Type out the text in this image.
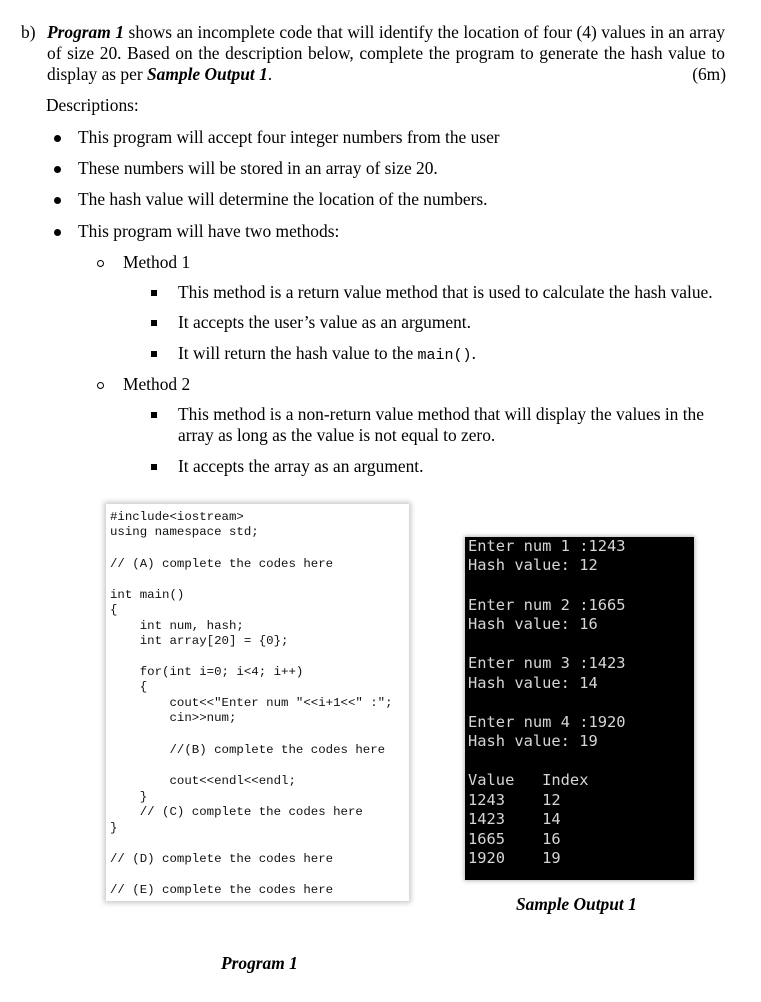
b) Program 1 shows an incomplete code that will identify the location of four (4) values in an array of size 20. Based on the description below, complete the program to generate the hash value to display as per Sample Output 1.	(6m)
Descriptions:
This program will accept four integer numbers from the user
These numbers will be stored in an array of size 20.
The hash value will determine the location of the numbers.
This program will have two methods:
Method 1
This method is a return value method that is used to calculate the hash value.
It accepts the user’s value as an argument.
It will return the hash value to the main().
Method 2
This method is a non-return value method that will display the values in the array as long as the value is not equal to zero.
It accepts the array as an argument.
#include<iostream>
using namespace std;
// (A) complete the codes here
int main()
{
int num, hash;
int array[20] = {0};
for(int i=0; i<4; i++)
{
cout<<"Enter num "<<i+1<<" :";
cin>>num;
//(B) complete the codes here
cout<<endl<<endl;
}
// (C) complete the codes here
}
// (D) complete the codes here
// (E) complete the codes here
Enter num 1 :1243
Hash value: 12
Enter num 2 :1665
Hash value: 16
Enter num 3 :1423
Hash value: 14
Enter num 4 :1920
Hash value: 19
Value   Index
1243    12
1423    14
1665    16
1920    19
Sample Output 1
Program 1
